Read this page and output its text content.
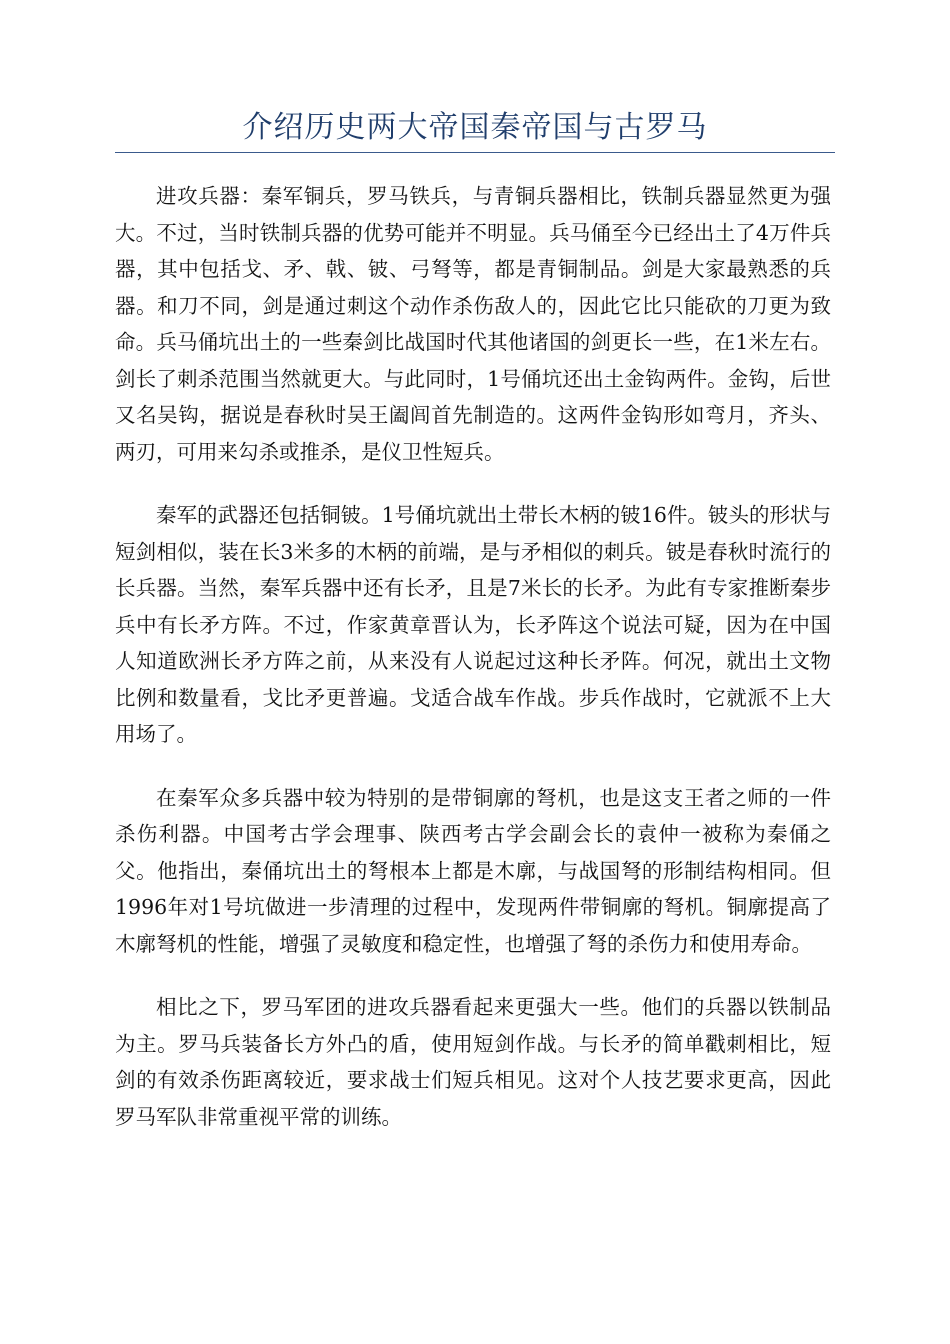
介绍历史两大帝国秦帝国与古罗马

进攻兵器：秦军铜兵，罗马铁兵，与青铜兵器相比，铁制兵器显然更为强大。不过，当时铁制兵器的优势可能并不明显。兵马俑至今已经出土了4万件兵器，其中包括戈、矛、戟、铍、弓弩等，都是青铜制品。剑是大家最熟悉的兵器。和刀不同，剑是通过刺这个动作杀伤敌人的，因此它比只能砍的刀更为致命。兵马俑坑出土的一些秦剑比战国时代其他诸国的剑更长一些，在1米左右。剑长了刺杀范围当然就更大。与此同时，1号俑坑还出土金钩两件。金钩，后世又名吴钩，据说是春秋时吴王阖闾首先制造的。这两件金钩形如弯月，齐头、两刃，可用来勾杀或推杀，是仪卫性短兵。

秦军的武器还包括铜铍。1号俑坑就出土带长木柄的铍16件。铍头的形状与短剑相似，装在长3米多的木柄的前端，是与矛相似的刺兵。铍是春秋时流行的长兵器。当然，秦军兵器中还有长矛，且是7米长的长矛。为此有专家推断秦步兵中有长矛方阵。不过，作家黄章晋认为，长矛阵这个说法可疑，因为在中国人知道欧洲长矛方阵之前，从来没有人说起过这种长矛阵。何况，就出土文物比例和数量看，戈比矛更普遍。戈适合战车作战。步兵作战时，它就派不上大用场了。

在秦军众多兵器中较为特别的是带铜廓的弩机，也是这支王者之师的一件杀伤利器。中国考古学会理事、陕西考古学会副会长的袁仲一被称为秦俑之父。他指出，秦俑坑出土的弩根本上都是木廓，与战国弩的形制结构相同。但1996年对1号坑做进一步清理的过程中，发现两件带铜廓的弩机。铜廓提高了木廓弩机的性能，增强了灵敏度和稳定性，也增强了弩的杀伤力和使用寿命。

相比之下，罗马军团的进攻兵器看起来更强大一些。他们的兵器以铁制品为主。罗马兵装备长方外凸的盾，使用短剑作战。与长矛的简单戳刺相比，短剑的有效杀伤距离较近，要求战士们短兵相见。这对个人技艺要求更高，因此罗马军队非常重视平常的训练。
